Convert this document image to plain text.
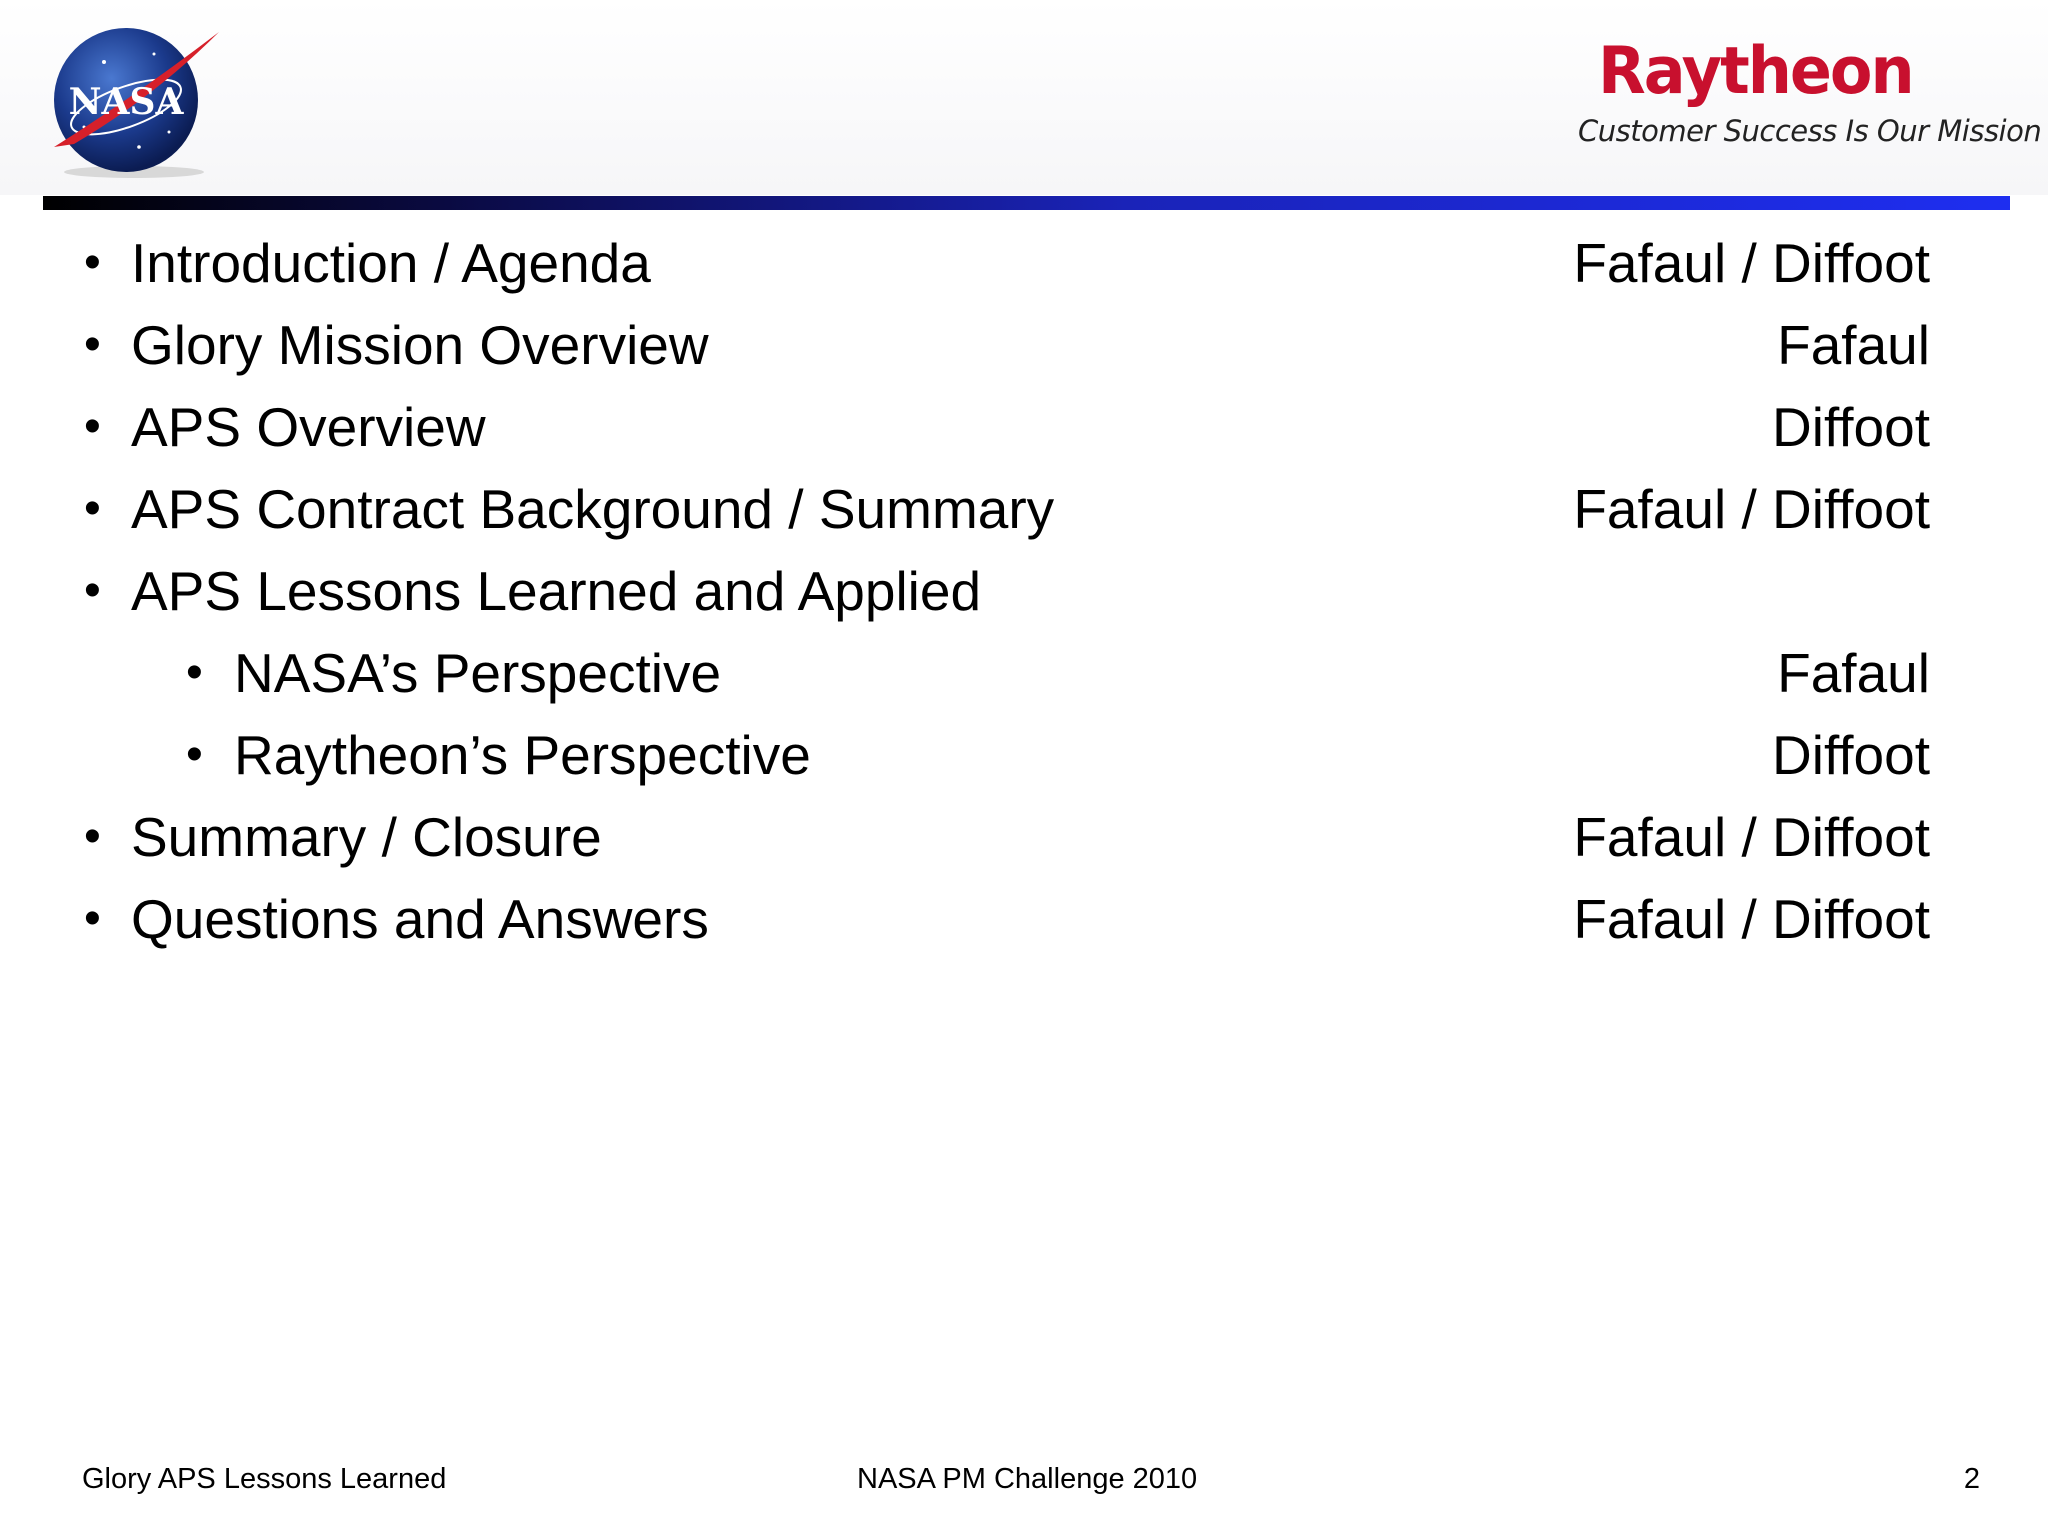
NASA	Raytheon
Customer Success Is Our Mission
• Introduction / Agenda	Fafaul / Diffoot
• Glory Mission Overview	Fafaul
• APS Overview	Diffoot
• APS Contract Background / Summary	Fafaul / Diffoot
• APS Lessons Learned and Applied
• NASA’s Perspective	Fafaul
• Raytheon’s Perspective	Diffoot
• Summary / Closure	Fafaul / Diffoot
• Questions and Answers	Fafaul / Diffoot
Glory APS Lessons Learned	NASA PM Challenge 2010	2
